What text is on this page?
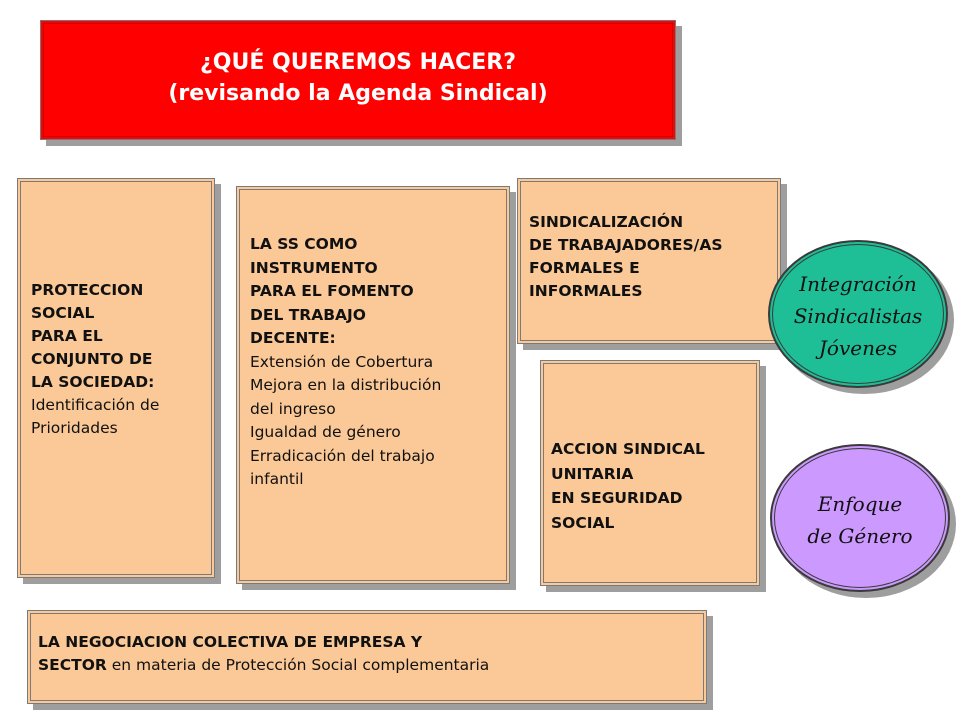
¿QUÉ QUEREMOS HACER?
(revisando la Agenda Sindical)
PROTECCION
SOCIAL
PARA EL
CONJUNTO DE
LA SOCIEDAD:
Identificación de
Prioridades
LA SS COMO
INSTRUMENTO
PARA EL FOMENTO
DEL TRABAJO
DECENTE:
Extensión de Cobertura
Mejora en la distribución
del ingreso
Igualdad de género
Erradicación del trabajo
infantil
SINDICALIZACIÓN
DE TRABAJADORES/AS
FORMALES E
INFORMALES
ACCION SINDICAL
UNITARIA
EN SEGURIDAD
SOCIAL
LA NEGOCIACION COLECTIVA DE EMPRESA Y
SECTOR en materia de Protección Social complementaria
Integración
Sindicalistas
Jóvenes
Enfoque
de Género
